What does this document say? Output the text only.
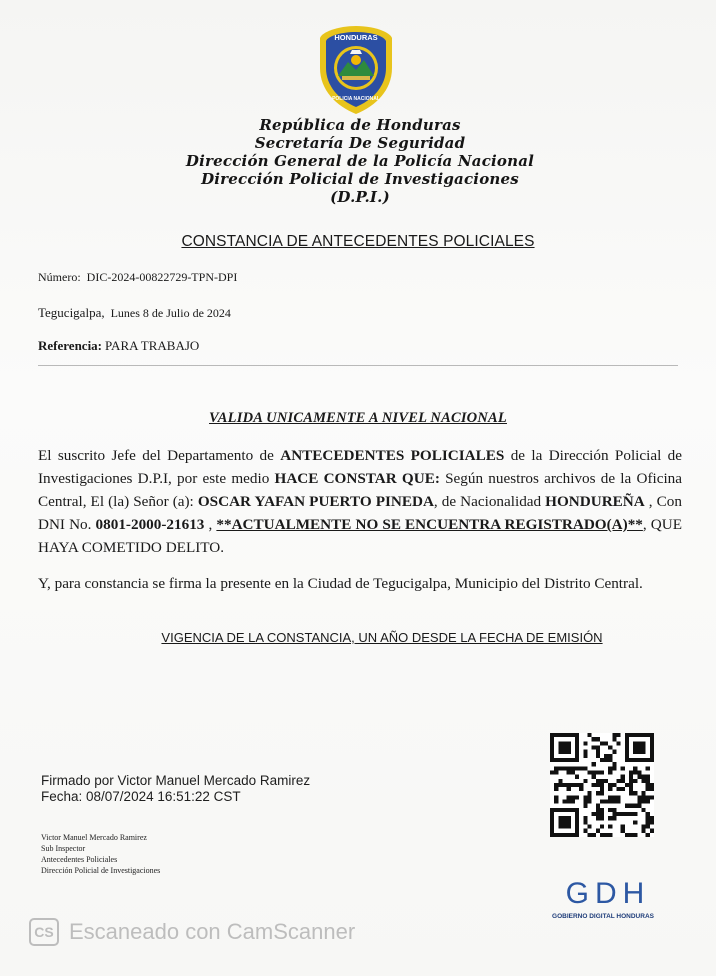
HONDURAS
POLICIA NACIONAL
República de Honduras
Secretaría De Seguridad
Dirección General de la Policía Nacional
Dirección Policial de Investigaciones
(D.P.I.)
CONSTANCIA DE ANTECEDENTES POLICIALES
Número: DIC-2024-00822729-TPN-DPI
Tegucigalpa, Lunes 8 de Julio de 2024
Referencia: PARA TRABAJO
VALIDA UNICAMENTE A NIVEL NACIONAL
El suscrito Jefe del Departamento de ANTECEDENTES POLICIALES de la Dirección Policial de Investigaciones D.P.I, por este medio HACE CONSTAR QUE: Según nuestros archivos de la Oficina Central, El (la) Señor (a): OSCAR YAFAN PUERTO PINEDA, de Nacionalidad HONDUREÑA , Con DNI No. 0801-2000-21613 , **ACTUALMENTE NO SE ENCUENTRA REGISTRADO(A)**, QUE HAYA COMETIDO DELITO.
Y, para constancia se firma la presente en la Ciudad de Tegucigalpa, Municipio del Distrito Central.
VIGENCIA DE LA CONSTANCIA, UN AÑO DESDE LA FECHA DE EMISIÓN
Firmado por Victor Manuel Mercado Ramirez
Fecha: 08/07/2024 16:51:22 CST
Victor Manuel Mercado Ramirez
Sub Inspector
Antecedentes Policiales
Dirección Policial de Investigaciones
GDH
GOBIERNO DIGITAL HONDURAS
CS Escaneado con CamScanner
